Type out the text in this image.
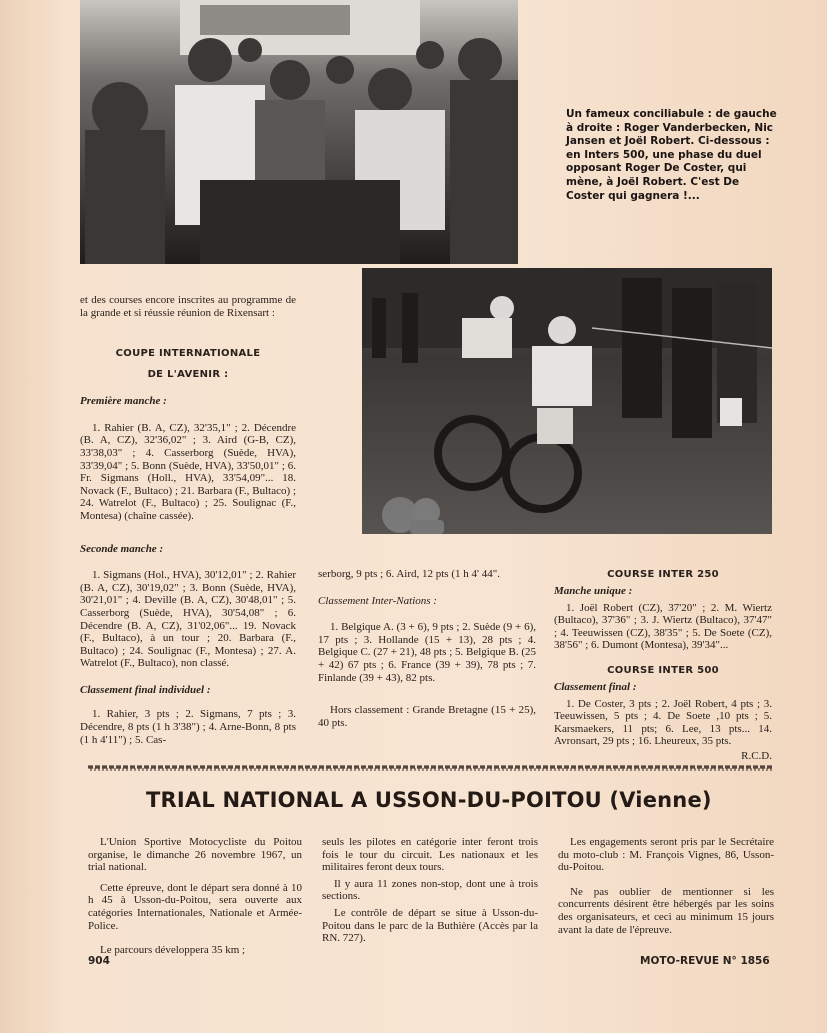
Un fameux conciliabule : de gauche à droite : Roger Vanderbecken, Nic Jansen et Joël Robert. Ci-dessous : en Inters 500, une phase du duel opposant Roger De Coster, qui mène, à Joël Robert. C'est De Coster qui gagnera !...

et des courses encore inscrites au programme de la grande et si réussie réunion de Rixensart :

COUPE INTERNATIONALE

DE L'AVENIR :

Première manche :

1. Rahier (B. A, CZ), 32'35,1" ; 2. Décendre (B. A, CZ), 32'36,02" ; 3. Aird (G-B, CZ), 33'38,03" ; 4. Casserborg (Suède, HVA), 33'39,04" ; 5. Bonn (Suède, HVA), 33'50,01" ; 6. Fr. Sigmans (Holl., HVA), 33'54,09"... 18. Novack (F., Bultaco) ; 21. Barbara (F., Bultaco) ; 24. Watrelot (F., Bultaco) ; 25. Soulignac (F., Montesa) (chaîne cassée).

Seconde manche :

1. Sigmans (Hol., HVA), 30'12,01" ; 2. Rahier (B. A, CZ), 30'19,02" ; 3. Bonn (Suède, HVA), 30'21,01" ; 4. Deville (B. A, CZ), 30'48,01" ; 5. Casserborg (Suède, HVA), 30'54,08" ; 6. Décendre (B. A, CZ), 31'02,06"... 19. Novack (F., Bultaco), à un tour ; 20. Barbara (F., Bultaco) ; 24. Soulignac (F., Montesa) ; 27. A. Watrelot (F., Bultaco), non classé.

Classement final individuel :

1. Rahier, 3 pts ; 2. Sigmans, 7 pts ; 3. Décendre, 8 pts (1 h 3'38") ; 4. Arne-Bonn, 8 pts (1 h 4'11") ; 5. Cas-

serborg, 9 pts ; 6. Aird, 12 pts (1 h 4' 44".

Classement Inter-Nations :

1. Belgique A. (3 + 6), 9 pts ; 2. Suède (9 + 6), 17 pts ; 3. Hollande (15 + 13), 28 pts ; 4. Belgique C. (27 + 21), 48 pts ; 5. Belgique B. (25 + 42) 67 pts ; 6. France (39 + 39), 78 pts ; 7. Finlande (39 + 43), 82 pts.

Hors classement : Grande Bretagne (15 + 25), 40 pts.

COURSE INTER 250

Manche unique :

1. Joël Robert (CZ), 37'20" ; 2. M. Wiertz (Bultaco), 37'36" ; 3. J. Wiertz (Bultaco), 37'47" ; 4. Teeuwissen (CZ), 38'35" ; 5. De Soete (CZ), 38'56" ; 6. Dumont (Montesa), 39'34"...

COURSE INTER 500

Classement final :

1. De Coster, 3 pts ; 2. Joël Robert, 4 pts ; 3. Teeuwissen, 5 pts ; 4. De Soete ,10 pts ; 5. Karsmaekers, 11 pts; 6. Lee, 13 pts... 14. Avronsart, 29 pts ; 16. Lheureux, 35 pts.

R.C.D.

TRIAL NATIONAL A USSON-DU-POITOU (Vienne)

L'Union Sportive Motocycliste du Poitou organise, le dimanche 26 novembre 1967, un trial national.

Cette épreuve, dont le départ sera donné à 10 h 45 à Usson-du-Poitou, sera ouverte aux catégories Internationales, Nationale et Armée-Police.

Le parcours développera 35 km ;

seuls les pilotes en catégorie inter feront trois fois le tour du circuit. Les nationaux et les militaires feront deux tours.

Il y aura 11 zones non-stop, dont une à trois sections.

Le contrôle de départ se situe à Usson-du-Poitou dans le parc de la Buthière (Accès par la RN. 727).

Les engagements seront pris par le Secrétaire du moto-club : M. François Vignes, 86, Usson-du-Poitou.

Ne pas oublier de mentionner si les concurrents désirent être hébergés par les soins des organisateurs, et ceci au minimum 15 jours avant la date de l'épreuve.

904	MOTO-REVUE N° 1856
